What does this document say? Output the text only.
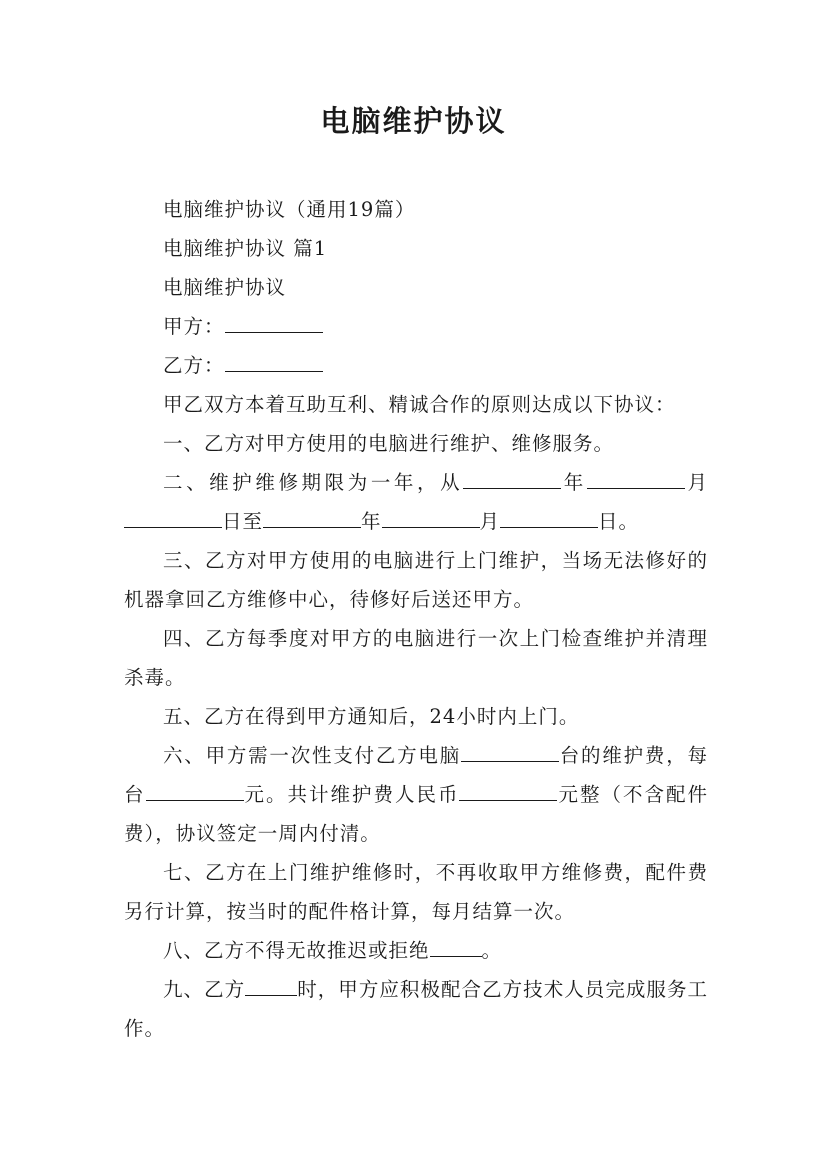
电脑维护协议

电脑维护协议（通用19篇）

电脑维护协议 篇1

电脑维护协议

甲方：

乙方：

甲乙双方本着互助互利、精诚合作的原则达成以下协议：

一、乙方对甲方使用的电脑进行维护、维修服务。

二、维护维修期限为一年，从	年	月日至	年	月	日。

三、乙方对甲方使用的电脑进行上门维护，当场无法修好的机器拿回乙方维修中心，待修好后送还甲方。

四、乙方每季度对甲方的电脑进行一次上门检查维护并清理杀毒。

五、乙方在得到甲方通知后，24小时内上门。

六、甲方需一次性支付乙方电脑	台的维护费，每台	元。共计维护费人民币	元整（不含配件费），协议签定一周内付清。

七、乙方在上门维护维修时，不再收取甲方维修费，配件费另行计算，按当时的配件格计算，每月结算一次。

八、乙方不得无故推迟或拒绝	。

九、乙方	时，甲方应积极配合乙方技术人员完成服务工作。
